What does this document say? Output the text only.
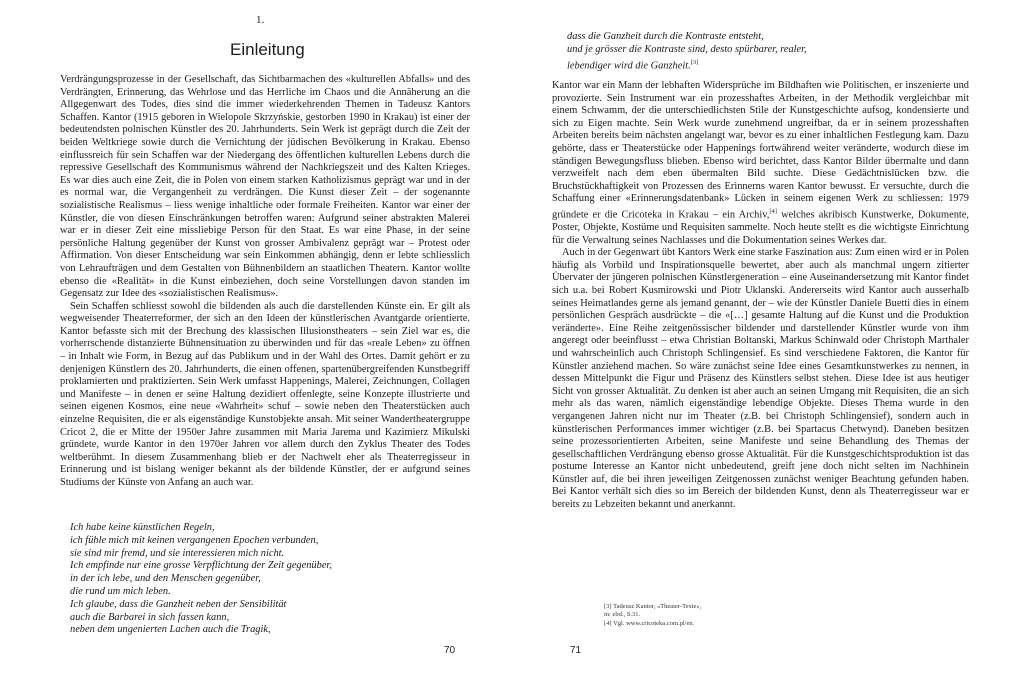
1.
Einleitung

Verdrängungsprozesse in der Gesellschaft, das Sichtbarmachen des «kulturellen Abfalls» und des Verdrängten, Erinnerung, das Wehrlose und das Herrliche im Chaos und die Annäherung an die Allgegenwart des Todes, dies sind die immer wiederkehrenden Themen in Tadeusz Kantors Schaffen. Kantor (1915 geboren in Wielopole Skrzyńskie, gestorben 1990 in Krakau) ist einer der bedeutendsten polnischen Künstler des 20. Jahrhunderts. Sein Werk ist geprägt durch die Zeit der beiden Weltkriege sowie durch die Vernichtung der jüdischen Bevölkerung in Krakau. Ebenso einflussreich für sein Schaffen war der Niedergang des öffentlichen kulturellen Lebens durch die repressive Gesellschaft des Kommunismus während der Nachkriegszeit und des Kalten Krieges. Es war dies auch eine Zeit, die in Polen von einem starken Katholizismus geprägt war und in der es normal war, die Vergangenheit zu verdrängen. Die Kunst dieser Zeit – der sogenannte sozialistische Realismus – liess wenige inhaltliche oder formale Freiheiten. Kantor war einer der Künstler, die von diesen Einschränkungen betroffen waren: Aufgrund seiner abstrakten Malerei war er in dieser Zeit eine missliebige Person für den Staat. Es war eine Phase, in der seine persönliche Haltung gegenüber der Kunst von grosser Ambivalenz geprägt war – Protest oder Affirmation. Von dieser Entscheidung war sein Einkommen abhängig, denn er lebte schliesslich von Lehraufträgen und dem Gestalten von Bühnenbildern an staatlichen Theatern. Kantor wollte ebenso die «Realität» in die Kunst einbeziehen, doch seine Vorstellungen davon standen im Gegensatz zur Idee des «sozialistischen Realismus».

Sein Schaffen schliesst sowohl die bildenden als auch die darstellenden Künste ein. Er gilt als wegweisender Theaterreformer, der sich an den Ideen der künstlerischen Avantgarde orientierte. Kantor befasste sich mit der Brechung des klassischen Illusionstheaters – sein Ziel war es, die vorherrschende distanzierte Bühnensituation zu überwinden und für das «reale Leben» zu öffnen – in Inhalt wie Form, in Bezug auf das Publikum und in der Wahl des Ortes. Damit gehört er zu denjenigen Künstlern des 20. Jahrhunderts, die einen offenen, spartenübergreifenden Kunstbegriff proklamierten und praktizierten. Sein Werk umfasst Happenings, Malerei, Zeichnungen, Collagen und Manifeste – in denen er seine Haltung dezidiert offenlegte, seine Konzepte illustrierte und seinen eigenen Kosmos, eine neue «Wahrheit» schuf – sowie neben den Theaterstücken auch einzelne Requisiten, die er als eigenständige Kunstobjekte ansah. Mit seiner Wandertheatergruppe Cricot 2, die er Mitte der 1950er Jahre zusammen mit Maria Jarema und Kazimierz Mikulski gründete, wurde Kantor in den 1970er Jahren vor allem durch den Zyklus Theater des Todes weltberühmt. In diesem Zusammenhang blieb er der Nachwelt eher als Theaterregisseur in Erinnerung und ist bislang weniger bekannt als der bildende Künstler, der er aufgrund seines Studiums der Künste von Anfang an auch war.

Ich habe keine künstlichen Regeln,
ich fühle mich mit keinen vergangenen Epochen verbunden,
sie sind mir fremd, und sie interessieren mich nicht.
Ich empfinde nur eine grosse Verpflichtung der Zeit gegenüber,
in der ich lebe, und den Menschen gegenüber,
die rund um mich leben.
Ich glaube, dass die Ganzheit neben der Sensibilität
auch die Barbarei in sich fassen kann,
neben dem ungenierten Lachen auch die Tragik,
70
dass die Ganzheit durch die Kontraste entsteht,
und je grösser die Kontraste sind, desto spürbarer, realer,
lebendiger wird die Ganzheit.[3]

Kantor war ein Mann der lebhaften Widersprüche im Bildhaften wie Politischen, er inszenierte und provozierte. Sein Instrument war ein prozesshaftes Arbeiten, in der Methodik vergleichbar mit einem Schwamm, der die unterschiedlichsten Stile der Kunstgeschichte aufsog, kondensierte und sich zu Eigen machte. Sein Werk wurde zunehmend ungreifbar, da er in seinem prozesshaften Arbeiten bereits beim nächsten angelangt war, bevor es zu einer inhaltlichen Festlegung kam. Dazu gehörte, dass er Theaterstücke oder Happenings fortwährend weiter veränderte, wodurch diese im ständigen Bewegungsfluss blieben. Ebenso wird berichtet, dass Kantor Bilder übermalte und dann verzweifelt nach dem eben übermalten Bild suchte. Diese Gedächtnislücken bzw. die Bruchstückhaftigkeit von Prozessen des Erinnerns waren Kantor bewusst. Er versuchte, durch die Schaffung einer «Erinnerungsdatenbank» Lücken in seinem eigenen Werk zu schliessen: 1979 gründete er die Cricoteka in Krakau – ein Archiv,[4] welches akribisch Kunstwerke, Dokumente, Poster, Objekte, Kostüme und Requisiten sammelte. Noch heute stellt es die wichtigste Einrichtung für die Verwaltung seines Nachlasses und die Dokumentation seines Werkes dar.

Auch in der Gegenwart übt Kantors Werk eine starke Faszination aus: Zum einen wird er in Polen häufig als Vorbild und Inspirationsquelle bewertet, aber auch als manchmal ungern zitierter Übervater der jüngeren polnischen Künstlergeneration – eine Auseinandersetzung mit Kantor findet sich u.a. bei Robert Kusmirowski und Piotr Uklanski. Andererseits wird Kantor auch ausserhalb seines Heimatlandes gerne als jemand genannt, der – wie der Künstler Daniele Buetti dies in einem persönlichen Gespräch ausdrückte – die «[…] gesamte Haltung auf die Kunst und die Produktion veränderte». Eine Reihe zeitgenössischer bildender und darstellender Künstler wurde von ihm angeregt oder beeinflusst – etwa Christian Boltanski, Markus Schinwald oder Christoph Marthaler und wahrscheinlich auch Christoph Schlingensief. Es sind verschiedene Faktoren, die Kantor für Künstler anziehend machen. So wäre zunächst seine Idee eines Gesamtkunstwerkes zu nennen, in dessen Mittelpunkt die Figur und Präsenz des Künstlers selbst stehen. Diese Idee ist aus heutiger Sicht von grosser Aktualität. Zu denken ist aber auch an seinen Umgang mit Requisiten, die an sich mehr als das waren, nämlich eigenständige lebendige Objekte. Dieses Thema wurde in den vergangenen Jahren nicht nur im Theater (z.B. bei Christoph Schlingensief), sondern auch in künstlerischen Performances immer wichtiger (z.B. bei Spartacus Chetwynd). Daneben besitzen seine prozessorientierten Arbeiten, seine Manifeste und seine Behandlung des Themas der gesellschaftlichen Verdrängung ebenso grosse Aktualität. Für die Kunstgeschichtsproduktion ist das postume Interesse an Kantor nicht unbedeutend, greift jene doch nicht selten im Nachhinein Künstler auf, die bei ihren jeweiligen Zeitgenossen zunächst weniger Beachtung gefunden haben. Bei Kantor verhält sich dies so im Bereich der bildenden Kunst, denn als Theaterregisseur war er bereits zu Lebzeiten bekannt und anerkannt.

[3] Tadeusz Kantor, «Theater-Texte»,
in: ebd., S.31.
[4] Vgl. www.cricoteka.com.pl/en.
71
